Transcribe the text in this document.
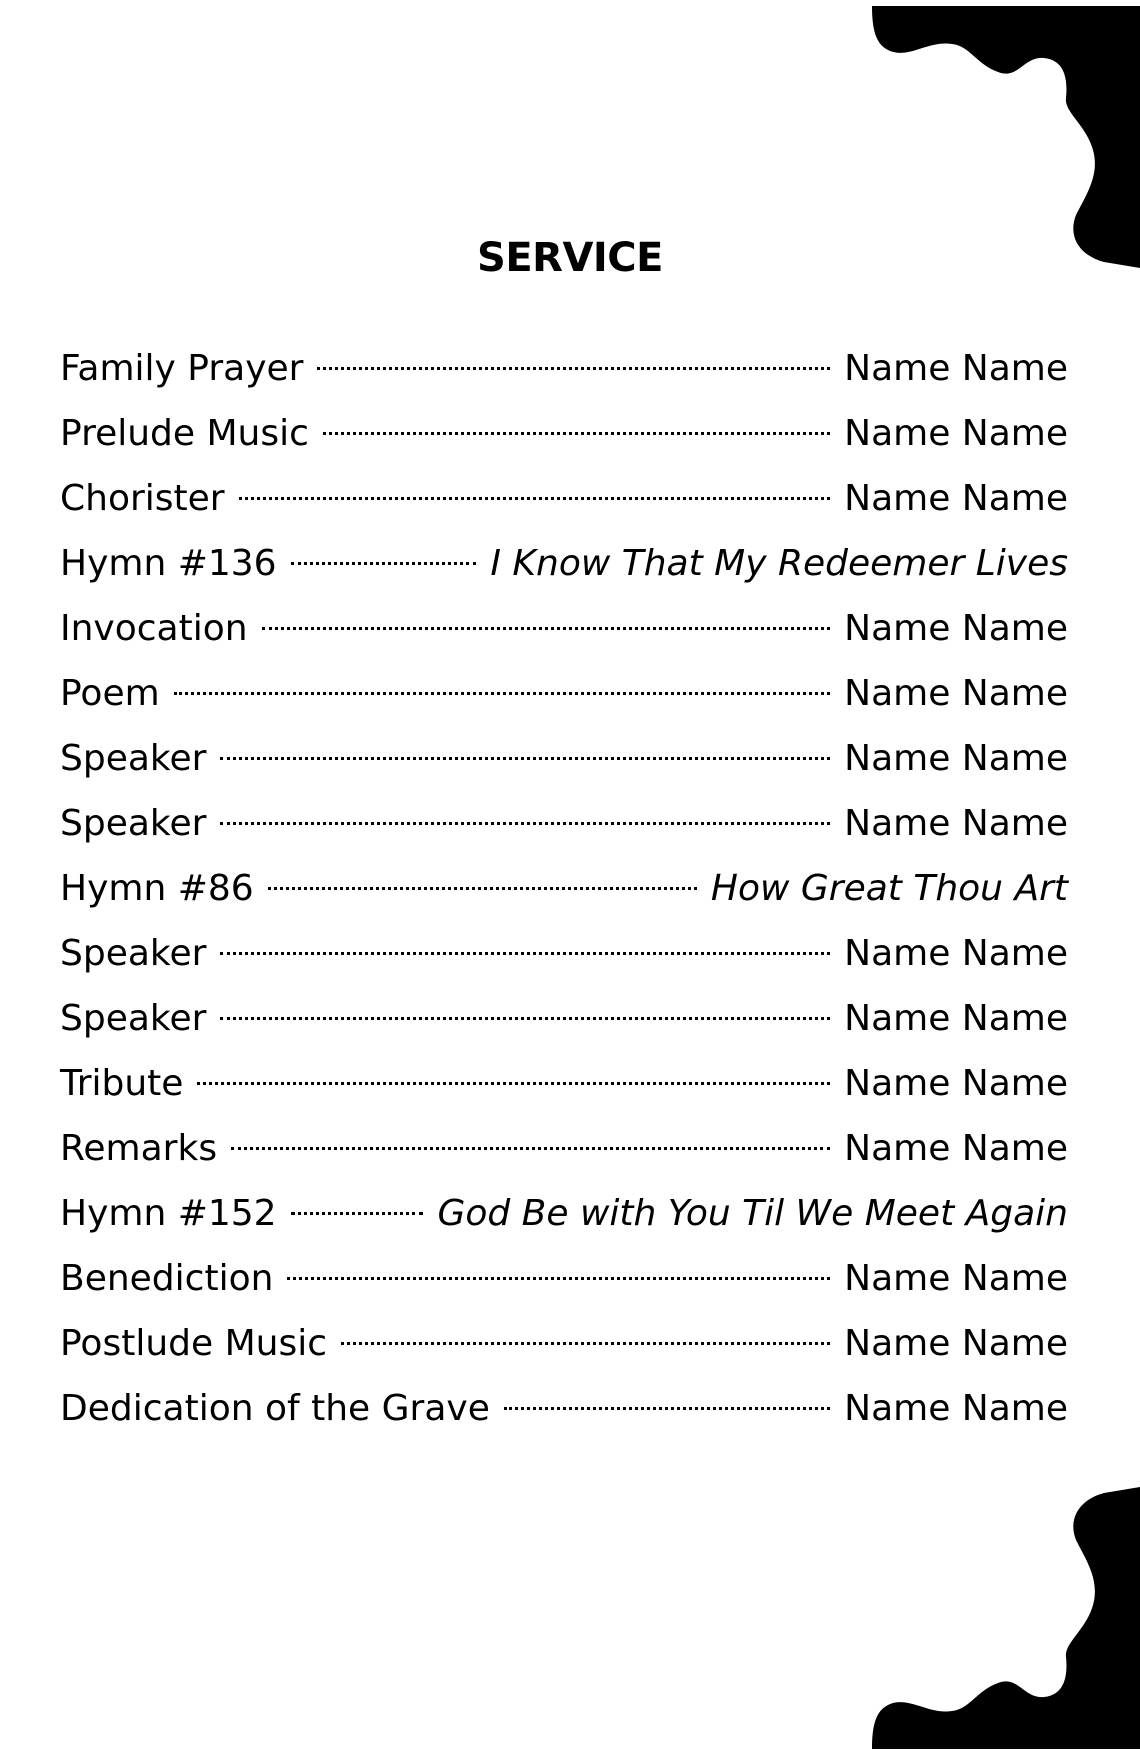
SERVICE
Family Prayer	Name Name
Prelude Music	Name Name
Chorister	Name Name
Hymn #136	I Know That My Redeemer Lives
Invocation	Name Name
Poem	Name Name
Speaker	Name Name
Speaker	Name Name
Hymn #86	How Great Thou Art
Speaker	Name Name
Speaker	Name Name
Tribute	Name Name
Remarks	Name Name
Hymn #152	God Be with You Til We Meet Again
Benediction	Name Name
Postlude Music	Name Name
Dedication of the Grave	Name Name
